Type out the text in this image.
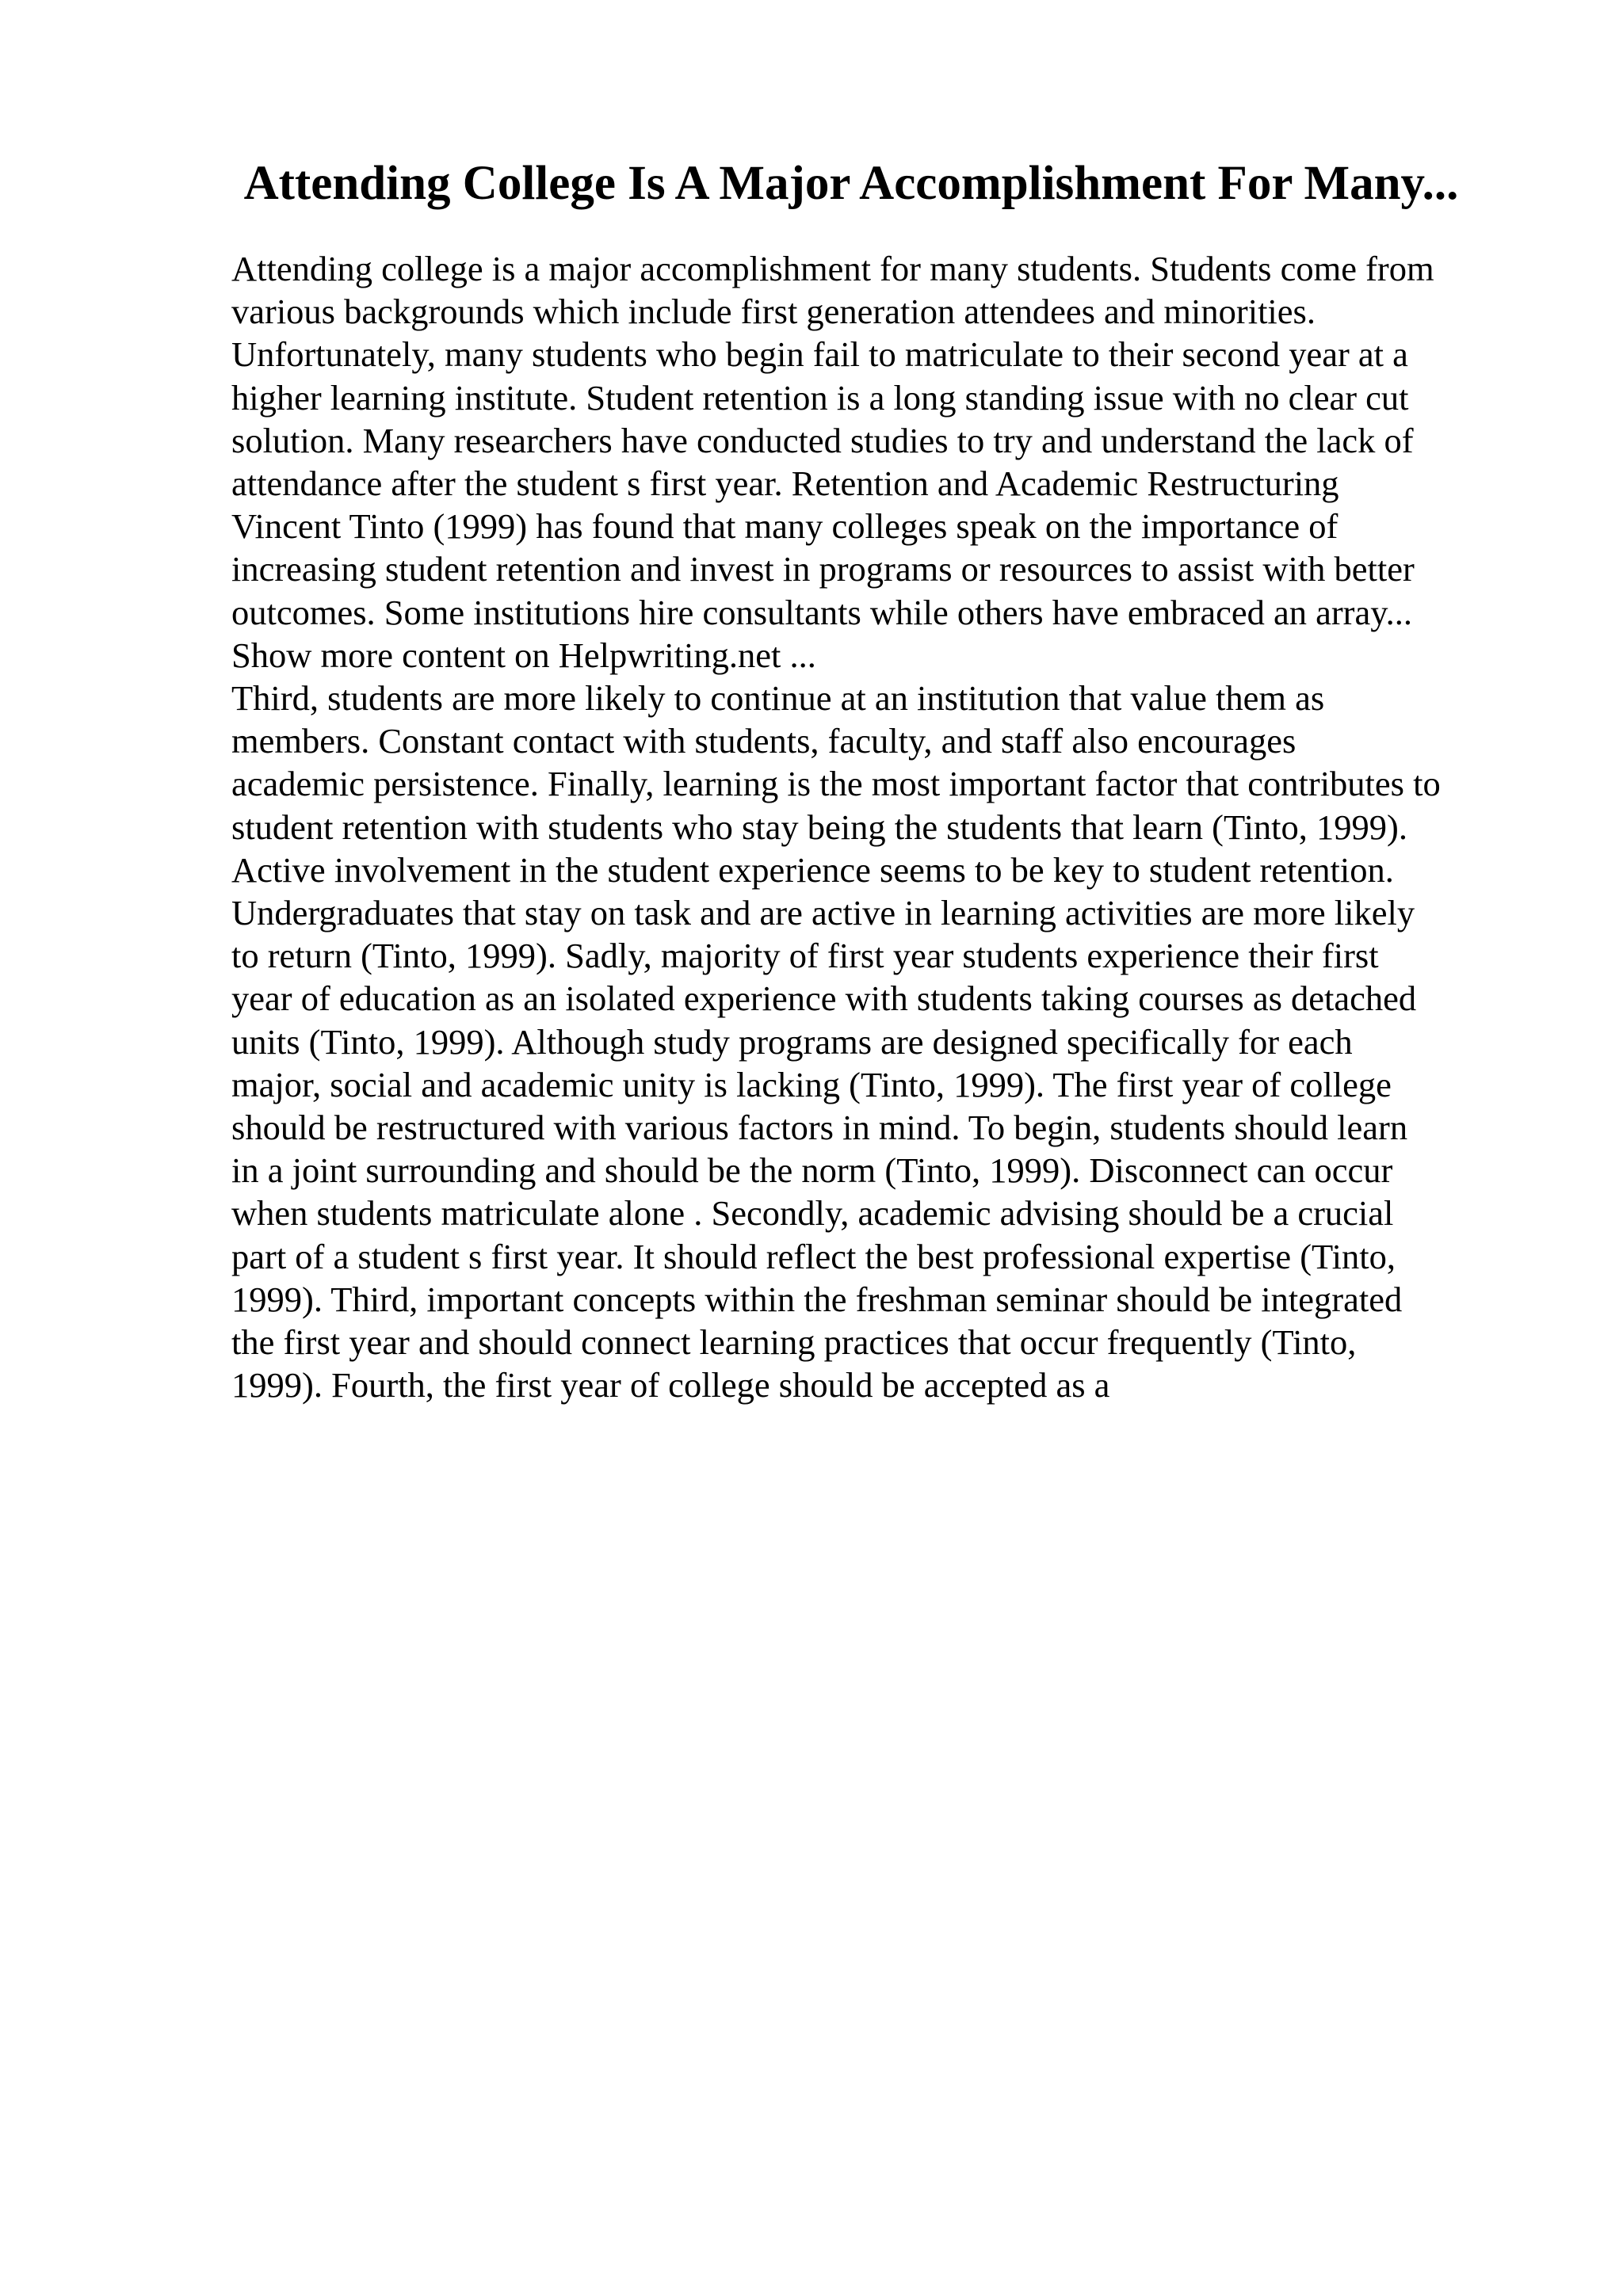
Attending College Is A Major Accomplishment For Many...
Attending college is a major accomplishment for many students. Students come from
various backgrounds which include first generation attendees and minorities.
Unfortunately, many students who begin fail to matriculate to their second year at a
higher learning institute. Student retention is a long standing issue with no clear cut
solution. Many researchers have conducted studies to try and understand the lack of
attendance after the student s first year. Retention and Academic Restructuring
Vincent Tinto (1999) has found that many colleges speak on the importance of
increasing student retention and invest in programs or resources to assist with better
outcomes. Some institutions hire consultants while others have embraced an array...
Show more content on Helpwriting.net ...
Third, students are more likely to continue at an institution that value them as
members. Constant contact with students, faculty, and staff also encourages
academic persistence. Finally, learning is the most important factor that contributes to
student retention with students who stay being the students that learn (Tinto, 1999).
Active involvement in the student experience seems to be key to student retention.
Undergraduates that stay on task and are active in learning activities are more likely
to return (Tinto, 1999). Sadly, majority of first year students experience their first
year of education as an isolated experience with students taking courses as detached
units (Tinto, 1999). Although study programs are designed specifically for each
major, social and academic unity is lacking (Tinto, 1999). The first year of college
should be restructured with various factors in mind. To begin, students should learn
in a joint surrounding and should be the norm (Tinto, 1999). Disconnect can occur
when students matriculate alone . Secondly, academic advising should be a crucial
part of a student s first year. It should reflect the best professional expertise (Tinto,
1999). Third, important concepts within the freshman seminar should be integrated
the first year and should connect learning practices that occur frequently (Tinto,
1999). Fourth, the first year of college should be accepted as a
